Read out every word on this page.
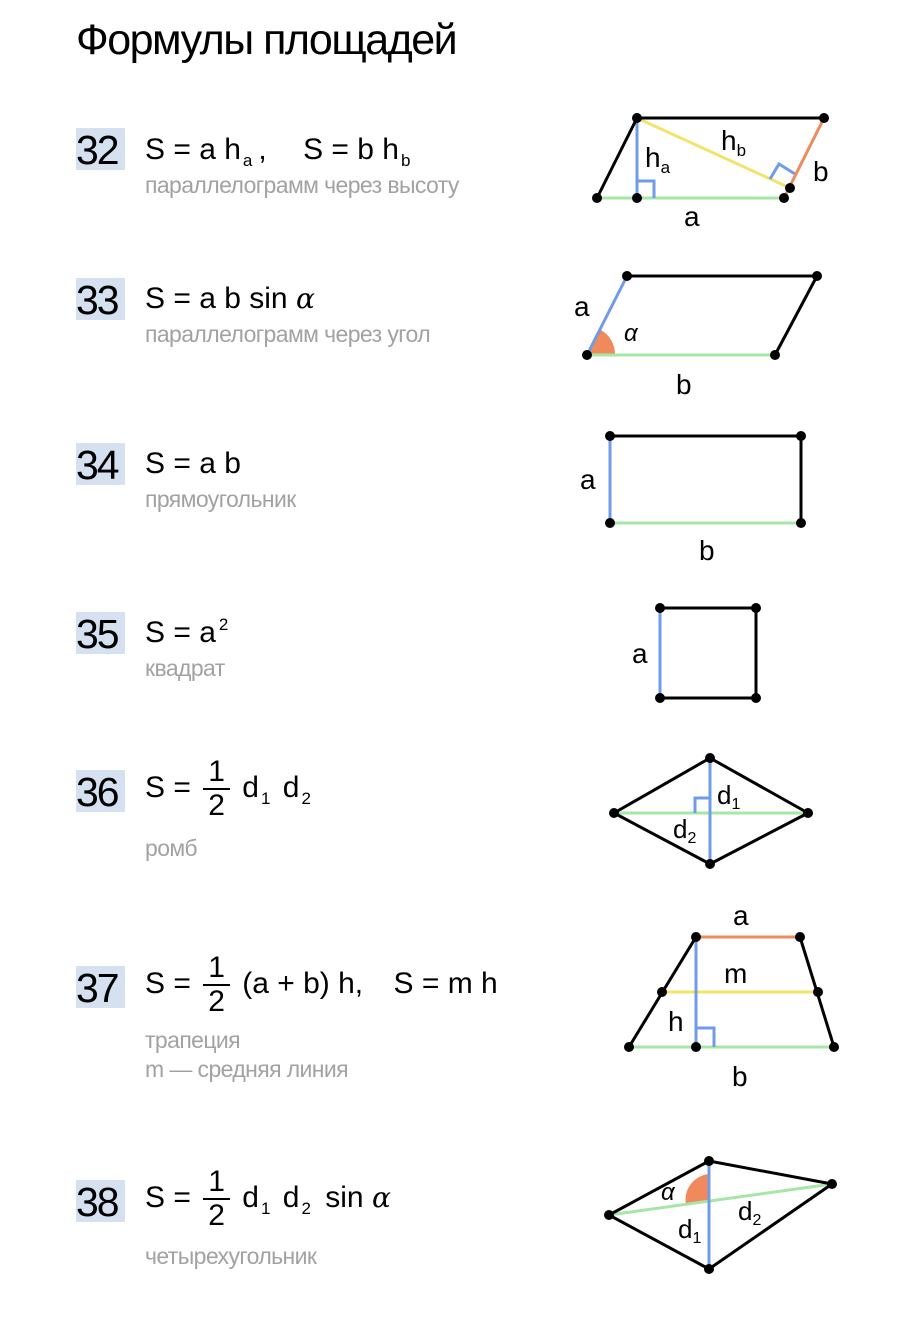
Формулы площадей
32 S = a h $_a$ , S = b h $_b$
параллелограмм через высоту
33 S = a b sin α
параллелограмм через угол
34 S = a b
прямоугольник
35 S = a $^2$
квадрат
36 $S = \frac{1}{2}$ d $_1$ d $_2$
ромб
37 $S = \frac{1}{2} (a + b)$ h, S = m h
трапеция
m — средняя линия
38 $S = \frac{1}{2}$ d $_1$ d $_2$ sin α
четырехугольник
$h_a$
$h_b$
a
b
a
α
b
a
b
a
d1
d2
a
m
h
b
α
d1
d2
